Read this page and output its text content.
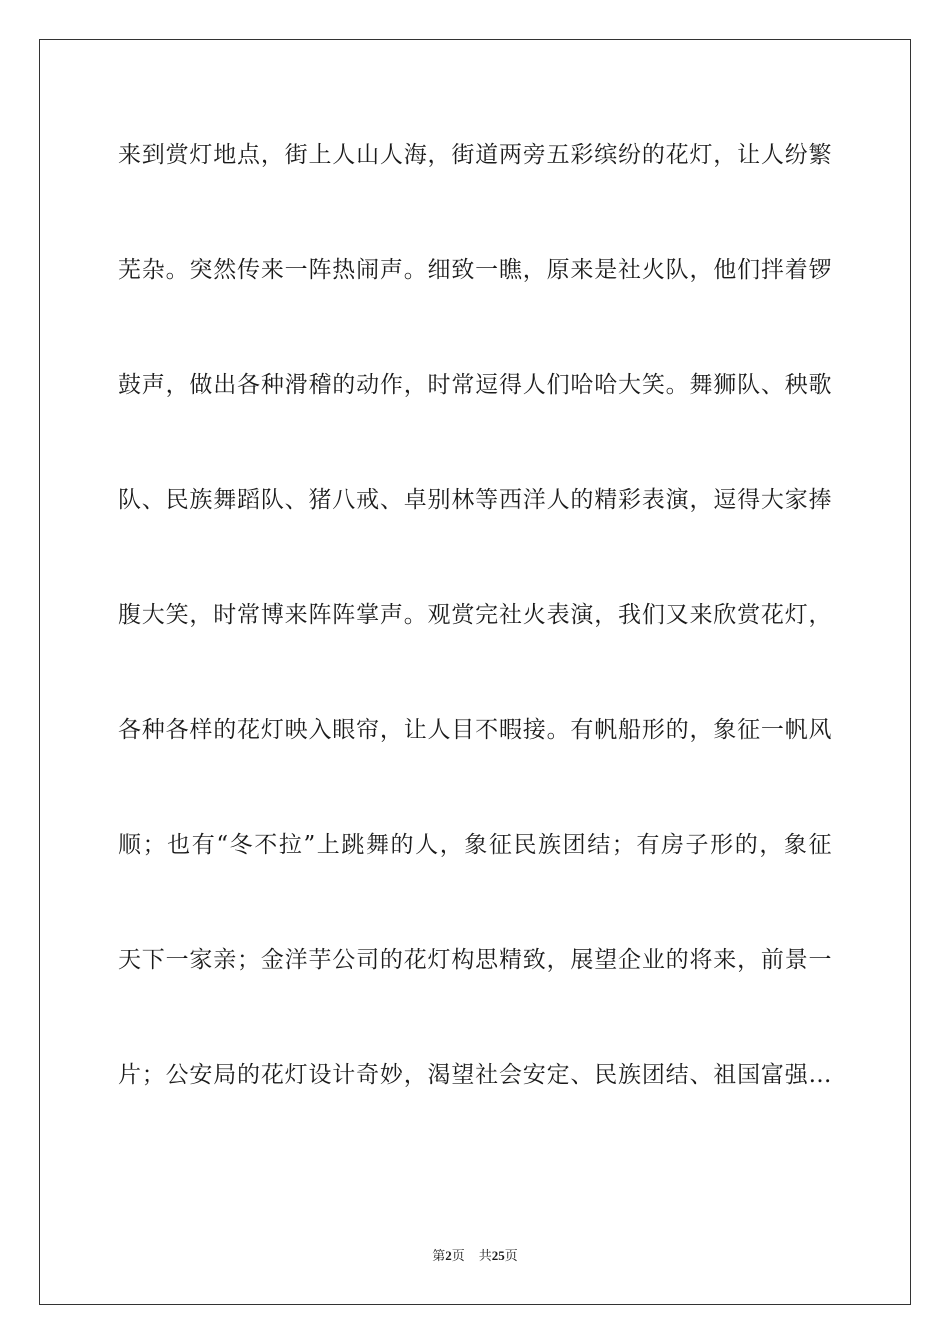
来到赏灯地点，街上人山人海，街道两旁五彩缤纷的花灯，让人纷繁
芜杂。突然传来一阵热闹声。细致一瞧，原来是社火队，他们拌着锣
鼓声，做出各种滑稽的动作，时常逗得人们哈哈大笑。舞狮队、秧歌
队、民族舞蹈队、猪八戒、卓别林等西洋人的精彩表演，逗得大家捧
腹大笑，时常博来阵阵掌声。观赏完社火表演，我们又来欣赏花灯，
各种各样的花灯映入眼帘，让人目不暇接。有帆船形的，象征一帆风
顺；也有“冬不拉”上跳舞的人，象征民族团结；有房子形的，象征
天下一家亲；金洋芋公司的花灯构思精致，展望企业的将来，前景一
片；公安局的花灯设计奇妙，渴望社会安定、民族团结、祖国富强…
第2页 共25页
